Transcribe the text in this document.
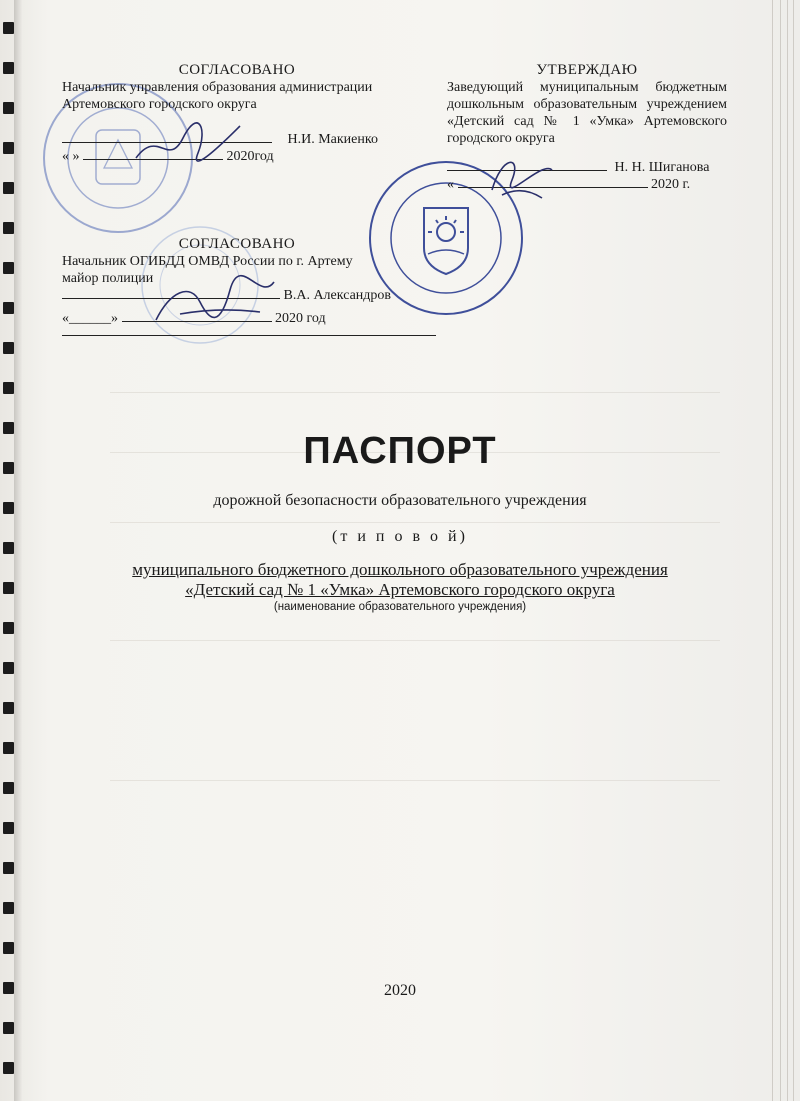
СОГЛАСОВАНО
Начальник управления образования администрации Артемовского городского округа
Н.И. Макиенко
« »	2020год
УТВЕРЖДАЮ
Заведующий муниципальным бюджетным дошкольным образовательным учреждением «Детский сад № 1 «Умка» Артемовского городского округа
Н. Н. Шиганова
«	2020 г.
СОГЛАСОВАНО
Начальник ОГИБДД ОМВД России по г. Артему
майор полиции
В.А. Александров
«______»	2020 год
ПАСПОРТ
дорожной безопасности образовательного учреждения
(т и п о в о й)
муниципального бюджетного дошкольного образовательного учреждения
«Детский сад № 1 «Умка» Артемовского городского округа
(наименование образовательного учреждения)
2020
